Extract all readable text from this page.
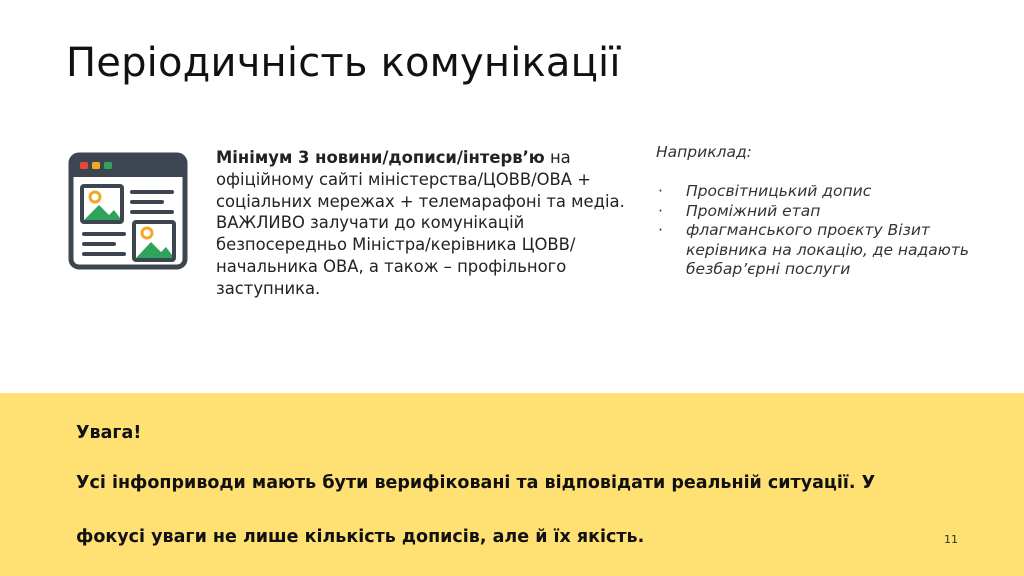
Періодичність комунікації
Мінімум 3 новини/дописи/інтерв’ю на офіційному сайті міністерства/ЦОВВ/ОВА + соціальних мережах + телемарафоні та медіа. ВАЖЛИВО залучати до комунікацій безпосередньо Міністра/керівника ЦОВВ/начальника ОВА, а також – профільного заступника.
Наприклад:
· Просвітницький допис
· Проміжний етап
· флагманського проєкту Візит керівника на локацію, де надають безбар’єрні послуги
Увага!
Усі інфоприводи мають бути верифіковані та відповідати реальній ситуації. У фокусі уваги не лише кількість дописів, але й їх якість.	11
